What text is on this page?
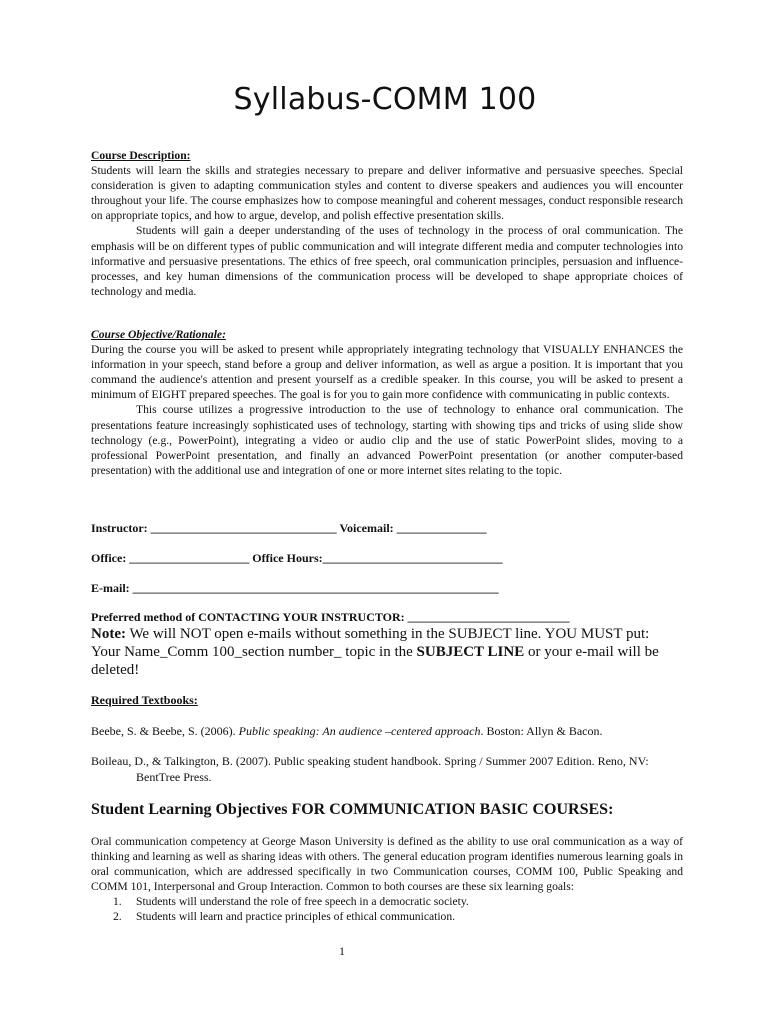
Syllabus-COMM 100
Course Description:

Students will learn the skills and strategies necessary to prepare and deliver informative and persuasive speeches. Special consideration is given to adapting communication styles and content to diverse speakers and audiences you will encounter throughout your life. The course emphasizes how to compose meaningful and coherent messages, conduct responsible research on appropriate topics, and how to argue, develop, and polish effective presentation skills.

Students will gain a deeper understanding of the uses of technology in the process of oral communication. The emphasis will be on different types of public communication and will integrate different media and computer technologies into informative and persuasive presentations. The ethics of free speech, oral communication principles, persuasion and influence-processes, and key human dimensions of the communication process will be developed to shape appropriate choices of technology and media.

Course Objective/Rationale:

During the course you will be asked to present while appropriately integrating technology that VISUALLY ENHANCES the information in your speech, stand before a group and deliver information, as well as argue a position. It is important that you command the audience's attention and present yourself as a credible speaker. In this course, you will be asked to present a minimum of EIGHT prepared speeches. The goal is for you to gain more confidence with communicating in public contexts.

This course utilizes a progressive introduction to the use of technology to enhance oral communication. The presentations feature increasingly sophisticated uses of technology, starting with showing tips and tricks of using slide show technology (e.g., PowerPoint), integrating a video or audio clip and the use of static PowerPoint slides, moving to a professional PowerPoint presentation, and finally an advanced PowerPoint presentation (or another computer-based presentation) with the additional use and integration of one or more internet sites relating to the topic.

Instructor: _______________________________ Voicemail: _______________
Office: ____________________ Office Hours:______________________________
E-mail: _____________________________________________________________
Preferred method of CONTACTING YOUR INSTRUCTOR: ___________________________
Note: We will NOT open e-mails without something in the SUBJECT line. YOU MUST put: Your Name_Comm 100_section number_ topic in the SUBJECT LINE or your e-mail will be deleted!
Required Textbooks:
Beebe, S. & Beebe, S. (2006). Public speaking: An audience –centered approach. Boston: Allyn & Bacon.
Boileau, D., & Talkington, B. (2007). Public speaking student handbook. Spring / Summer 2007 Edition. Reno, NV:
BentTree Press.
Student Learning Objectives FOR COMMUNICATION BASIC COURSES:

Oral communication competency at George Mason University is defined as the ability to use oral communication as a way of thinking and learning as well as sharing ideas with others. The general education program identifies numerous learning goals in oral communication, which are addressed specifically in two Communication courses, COMM 100, Public Speaking and COMM 101, Interpersonal and Group Interaction. Common to both courses are these six learning goals:

1.	Students will understand the role of free speech in a democratic society.
2.	Students will learn and practice principles of ethical communication.
1
